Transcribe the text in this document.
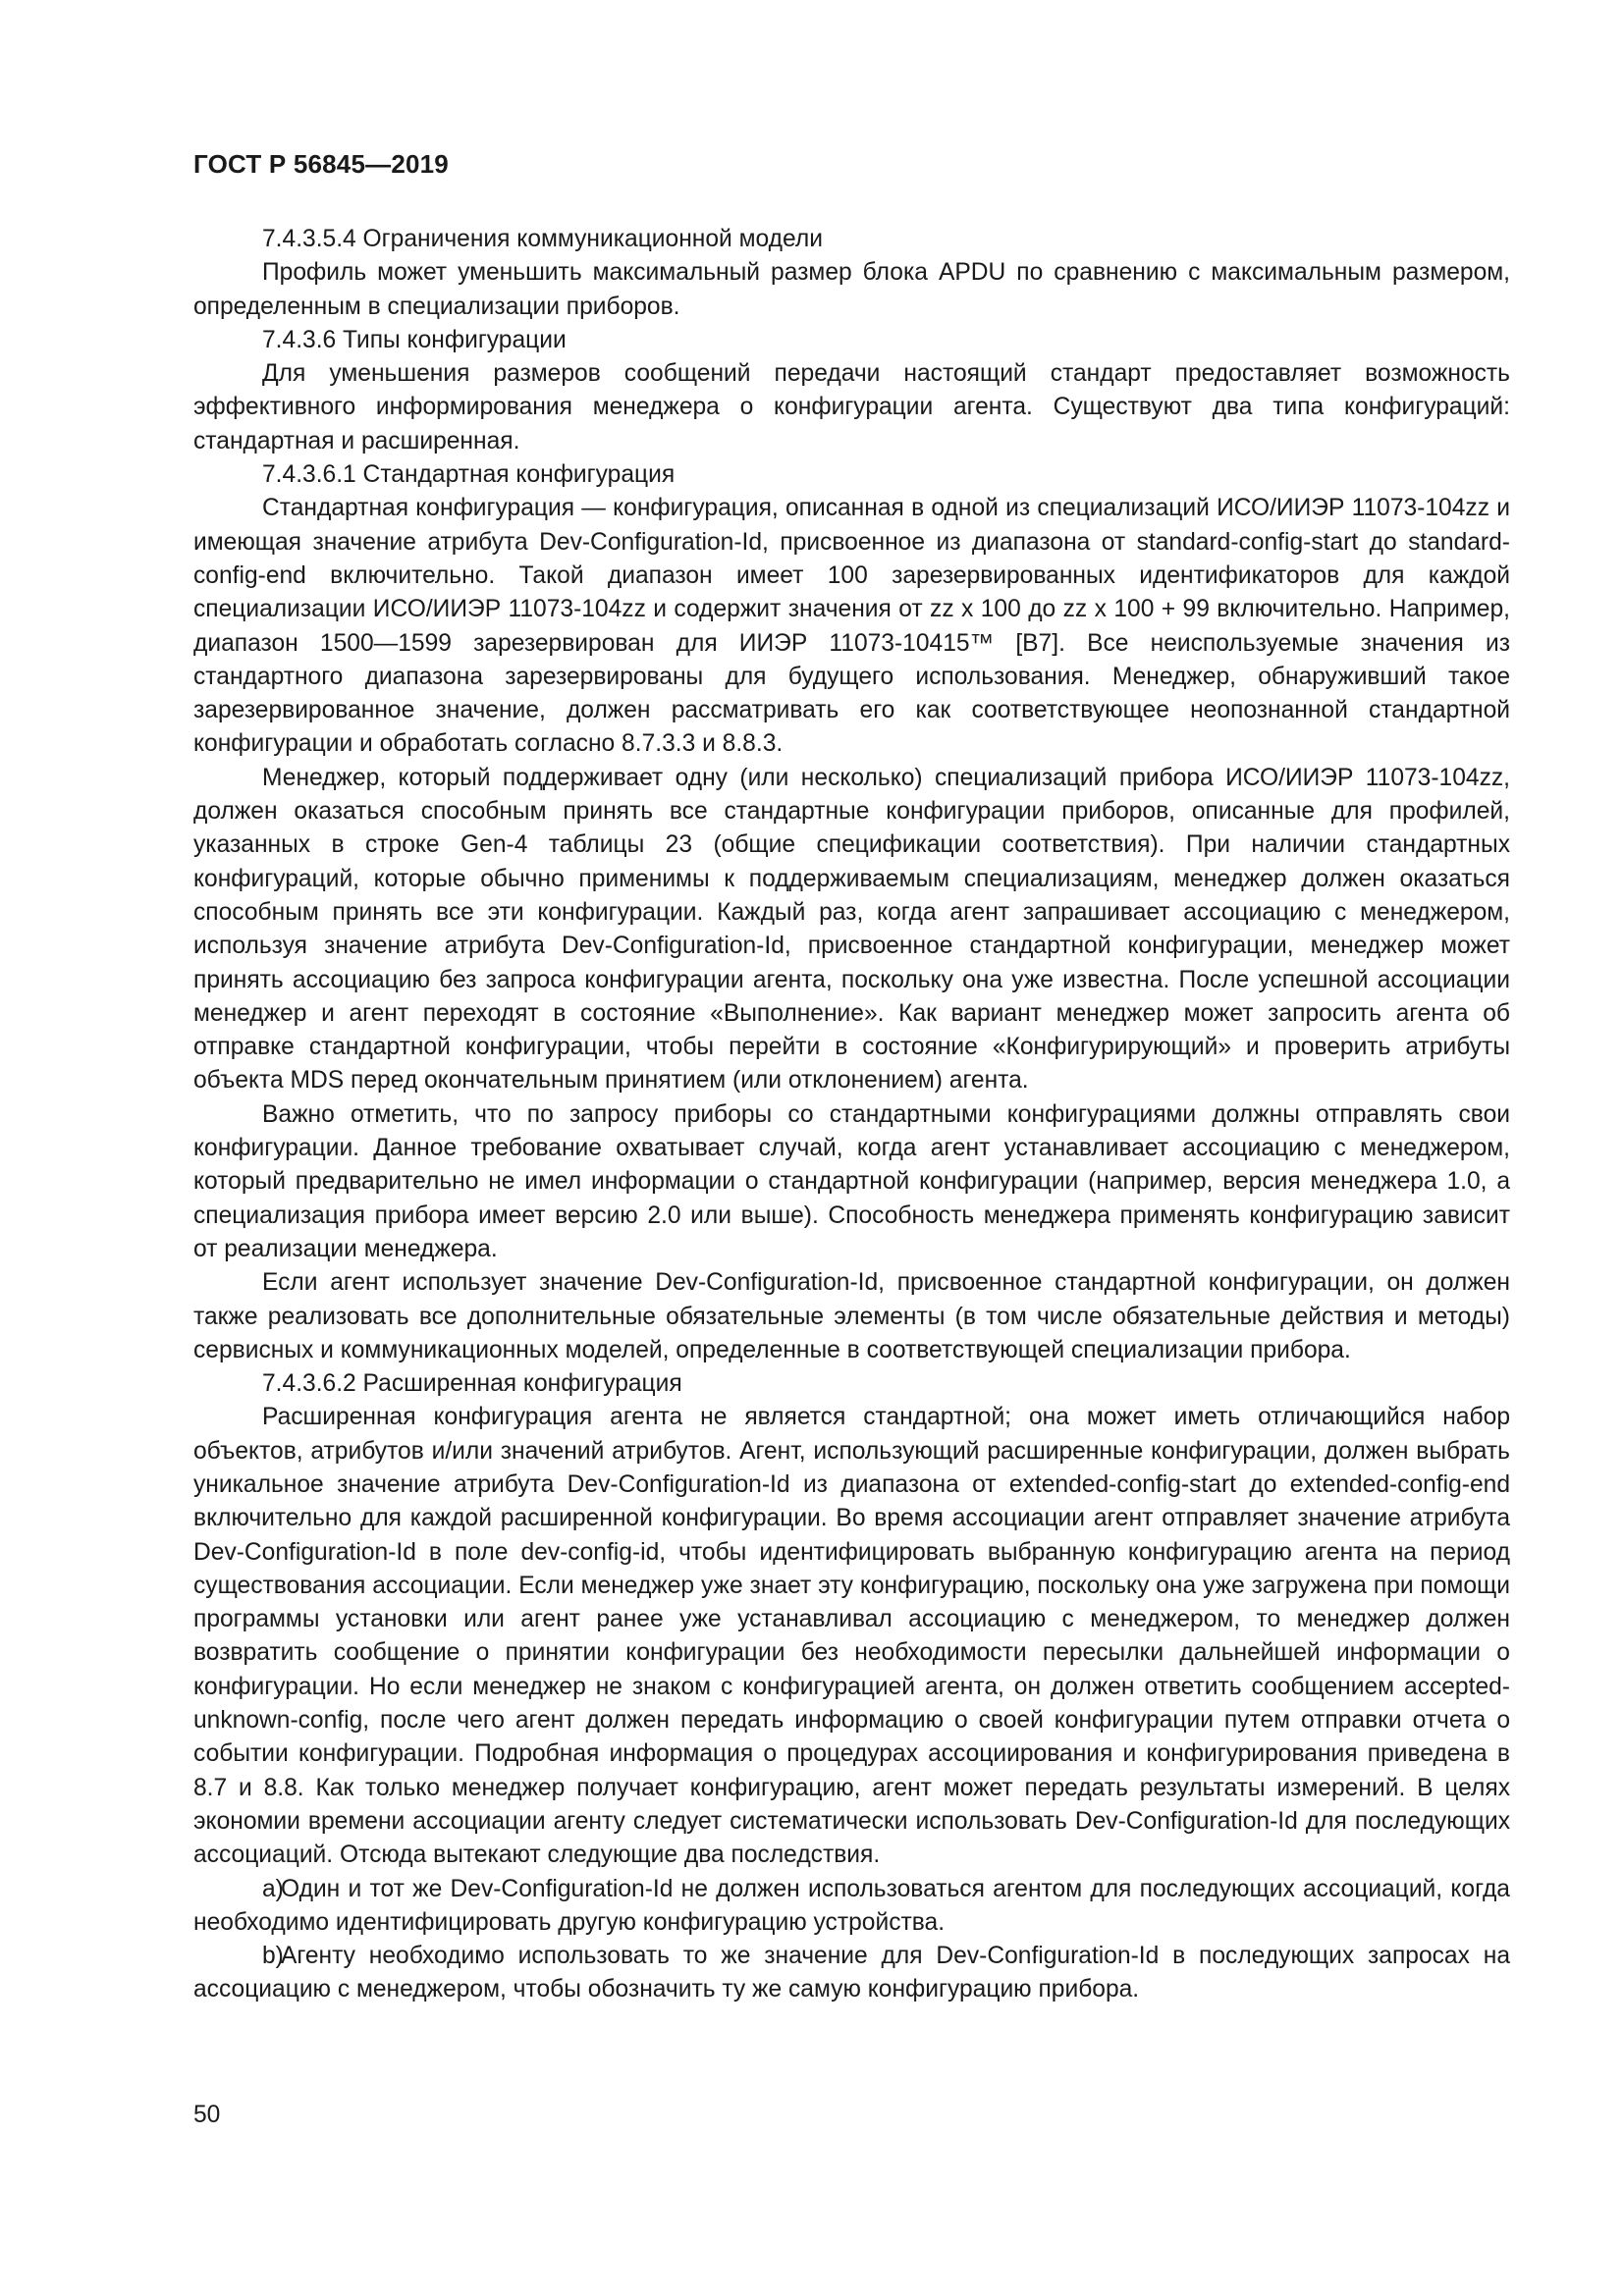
ГОСТ Р 56845—2019

7.4.3.5.4 Ограничения коммуникационной модели

Профиль может уменьшить максимальный размер блока APDU по сравнению с максимальным размером, определенным в специализации приборов.

7.4.3.6 Типы конфигурации

Для уменьшения размеров сообщений передачи настоящий стандарт предоставляет возможность эффективного информирования менеджера о конфигурации агента. Существуют два типа конфигураций: стандартная и расширенная.

7.4.3.6.1 Стандартная конфигурация

Стандартная конфигурация — конфигурация, описанная в одной из специализаций ИСО/ИИЭР 11073-104zz и имеющая значение атрибута Dev-Configuration-Id, присвоенное из диапазона от standard-config-start до standard-config-end включительно. Такой диапазон имеет 100 зарезервированных идентификаторов для каждой специализации ИСО/ИИЭР 11073-104zz и содержит значения от zz x 100 до zz x 100 + 99 включительно. Например, диапазон 1500—1599 зарезервирован для ИИЭР 11073-10415™ [B7]. Все неиспользуемые значения из стандартного диапазона зарезервированы для будущего использования. Менеджер, обнаруживший такое зарезервированное значение, должен рассматривать его как соответствующее неопознанной стандартной конфигурации и обработать согласно 8.7.3.3 и 8.8.3.

Менеджер, который поддерживает одну (или несколько) специализаций прибора ИСО/ИИЭР 11073-104zz, должен оказаться способным принять все стандартные конфигурации приборов, описанные для профилей, указанных в строке Gen-4 таблицы 23 (общие спецификации соответствия). При наличии стандартных конфигураций, которые обычно применимы к поддерживаемым специализациям, менеджер должен оказаться способным принять все эти конфигурации. Каждый раз, когда агент запрашивает ассоциацию с менеджером, используя значение атрибута Dev-Configuration-Id, присвоенное стандартной конфигурации, менеджер может принять ассоциацию без запроса конфигурации агента, поскольку она уже известна. После успешной ассоциации менеджер и агент переходят в состояние «Выполнение». Как вариант менеджер может запросить агента об отправке стандартной конфигурации, чтобы перейти в состояние «Конфигурирующий» и проверить атрибуты объекта MDS перед окончательным принятием (или отклонением) агента.

Важно отметить, что по запросу приборы со стандартными конфигурациями должны отправлять свои конфигурации. Данное требование охватывает случай, когда агент устанавливает ассоциацию с менеджером, который предварительно не имел информации о стандартной конфигурации (например, версия менеджера 1.0, а специализация прибора имеет версию 2.0 или выше). Способность менеджера применять конфигурацию зависит от реализации менеджера.

Если агент использует значение Dev-Configuration-Id, присвоенное стандартной конфигурации, он должен также реализовать все дополнительные обязательные элементы (в том числе обязательные действия и методы) сервисных и коммуникационных моделей, определенные в соответствующей специализации прибора.

7.4.3.6.2 Расширенная конфигурация

Расширенная конфигурация агента не является стандартной; она может иметь отличающийся набор объектов, атрибутов и/или значений атрибутов. Агент, использующий расширенные конфигурации, должен выбрать уникальное значение атрибута Dev-Configuration-Id из диапазона от extended-config-start до extended-config-end включительно для каждой расширенной конфигурации. Во время ассоциации агент отправляет значение атрибута Dev-Configuration-Id в поле dev-config-id, чтобы идентифицировать выбранную конфигурацию агента на период существования ассоциации. Если менеджер уже знает эту конфигурацию, поскольку она уже загружена при помощи программы установки или агент ранее уже устанавливал ассоциацию с менеджером, то менеджер должен возвратить сообщение о принятии конфигурации без необходимости пересылки дальнейшей информации о конфигурации. Но если менеджер не знаком с конфигурацией агента, он должен ответить сообщением accepted-unknown-config, после чего агент должен передать информацию о своей конфигурации путем отправки отчета о событии конфигурации. Подробная информация о процедурах ассоциирования и конфигурирования приведена в 8.7 и 8.8. Как только менеджер получает конфигурацию, агент может передать результаты измерений. В целях экономии времени ассоциации агенту следует систематически использовать Dev-Configuration-Id для последующих ассоциаций. Отсюда вытекают следующие два последствия.

a)Один и тот же Dev-Configuration-Id не должен использоваться агентом для последующих ассоциаций, когда необходимо идентифицировать другую конфигурацию устройства.

b)Агенту необходимо использовать то же значение для Dev-Configuration-Id в последующих запросах на ассоциацию с менеджером, чтобы обозначить ту же самую конфигурацию прибора.

50
